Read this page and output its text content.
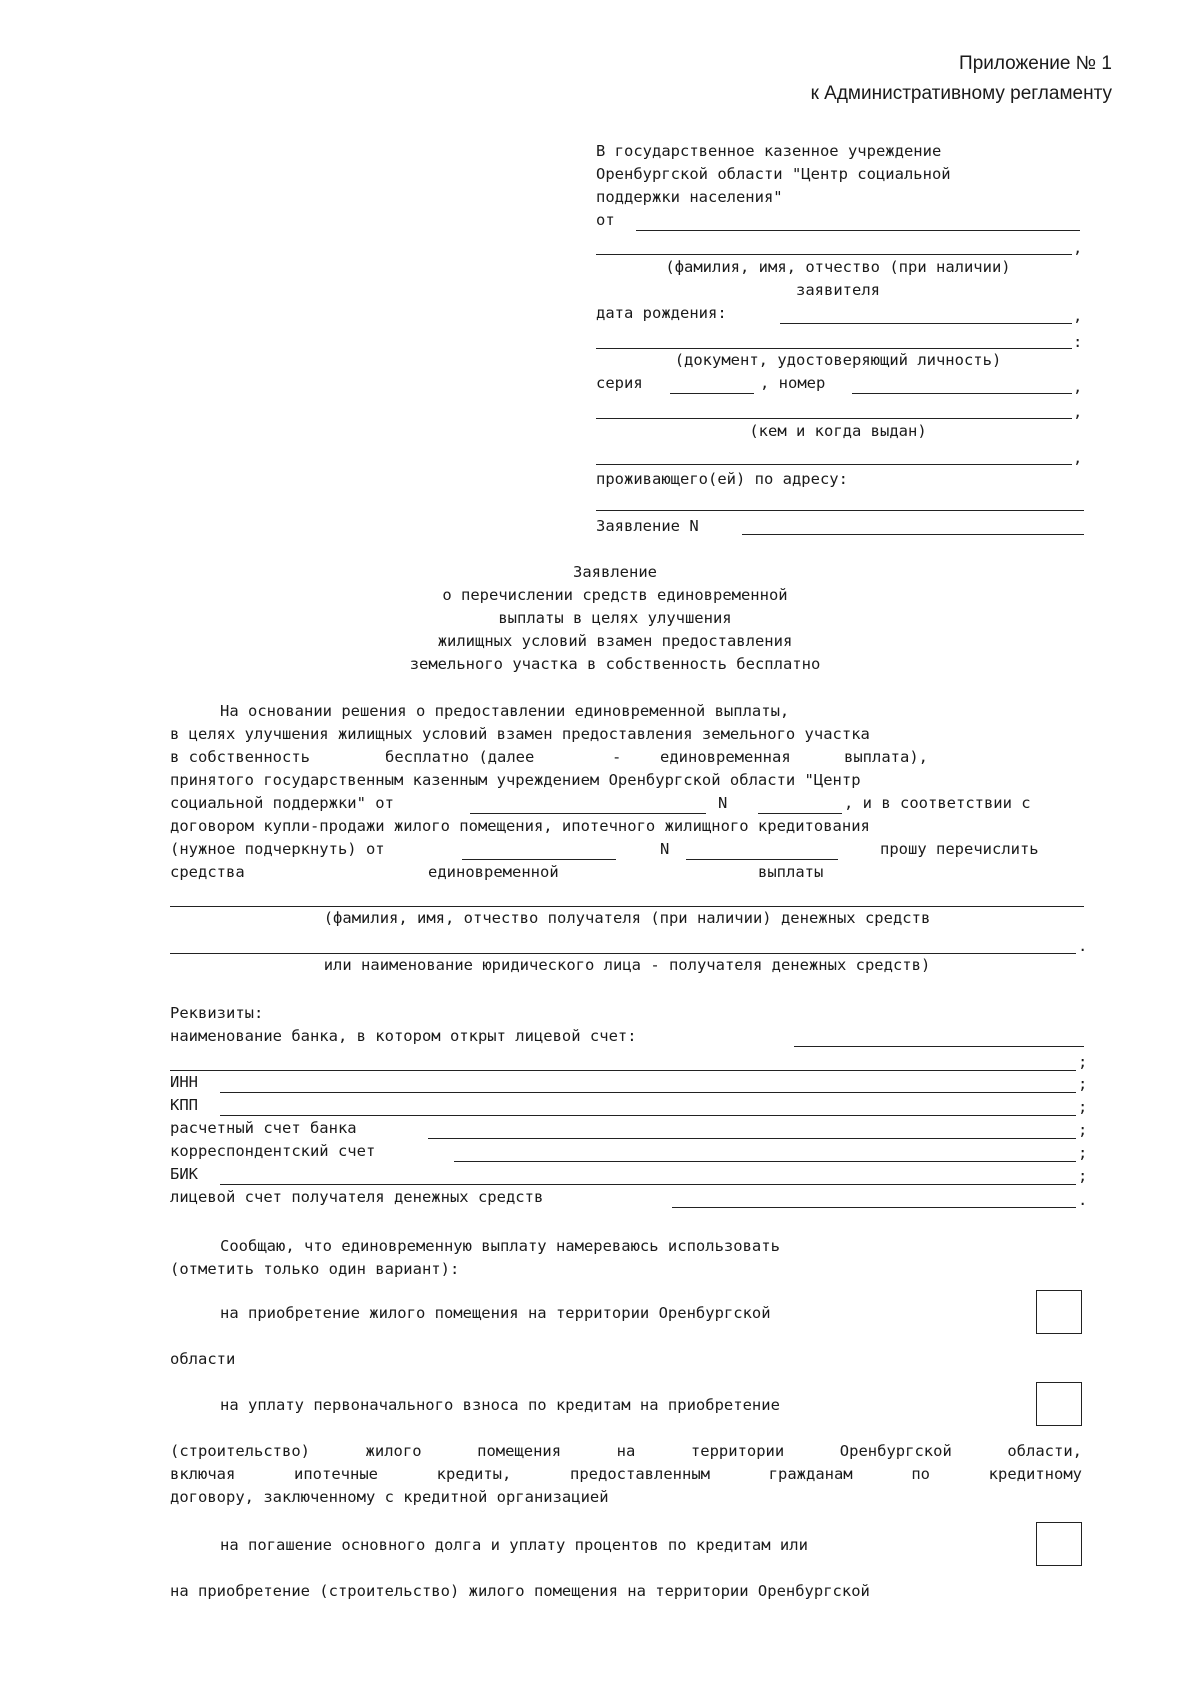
Приложение № 1
к Административному регламенту
В государственное казенное учреждение
Оренбургской области "Центр социальной
поддержки населения"
от
,
(фамилия, имя, отчество (при наличии)
заявителя
дата рождения:	,
:
(документ, удостоверяющий личность)
серия	, номер	,
,
(кем и когда выдан)
,
проживающего(ей) по адресу:
Заявление N
Заявление
о перечислении средств единовременной
выплаты в целях улучшения
жилищных условий взамен предоставления
земельного участка в собственность бесплатно
На основании решения о предоставлении единовременной выплаты,
в целях улучшения жилищных условий взамен предоставления земельного участка
в собственность	бесплатно (далее	- единовременная	выплата),
принятого государственным казенным учреждением Оренбургской области "Центр
социальной поддержки" от	N	, и в соответствии с
договором купли-продажи жилого помещения, ипотечного жилищного кредитования
(нужное подчеркнуть) от	N	прошу перечислить
средства	единовременной	выплаты
(фамилия, имя, отчество получателя (при наличии) денежных средств
.
или наименование юридического лица - получателя денежных средств)
Реквизиты:
наименование банка, в котором открыт лицевой счет:
;
ИНН	;
КПП	;
расчетный счет банка	;
корреспондентский счет	;
БИК	;
лицевой счет получателя денежных средств	.
Сообщаю, что единовременную выплату намереваюсь использовать
(отметить только один вариант):
на приобретение жилого помещения на территории Оренбургской
области
на уплату первоначального взноса по кредитам на приобретение
(строительство)	жилого	помещения	на	территории	Оренбургской	области,
включая	ипотечные	кредиты,	предоставленным	гражданам	по	кредитному
договору, заключенному с кредитной организацией
на погашение основного долга и уплату процентов по кредитам или
на приобретение (строительство) жилого помещения на территории Оренбургской
